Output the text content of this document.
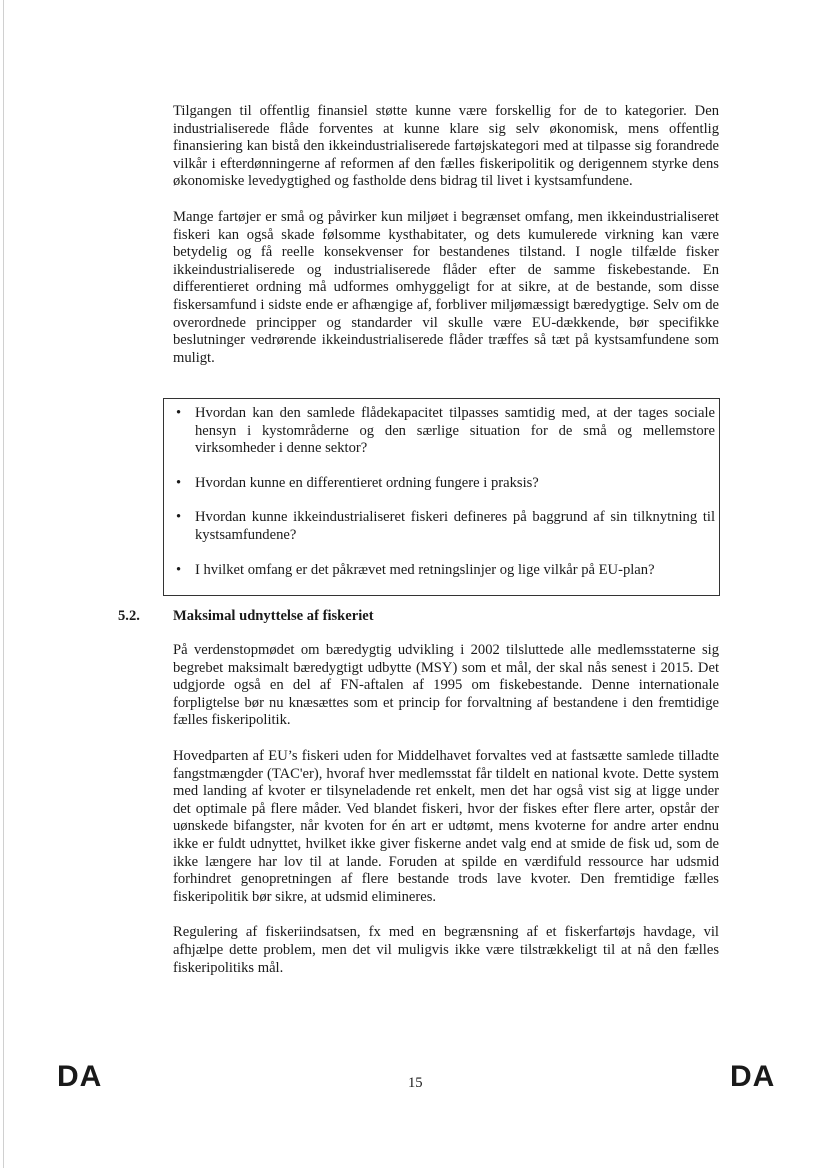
Tilgangen til offentlig finansiel støtte kunne være forskellig for de to kategorier. Den industrialiserede flåde forventes at kunne klare sig selv økonomisk, mens offentlig finansiering kan bistå den ikkeindustrialiserede fartøjskategori med at tilpasse sig forandrede vilkår i efterdønningerne af reformen af den fælles fiskeripolitik og derigennem styrke dens økonomiske levedygtighed og fastholde dens bidrag til livet i kystsamfundene.

Mange fartøjer er små og påvirker kun miljøet i begrænset omfang, men ikkeindustrialiseret fiskeri kan også skade følsomme kysthabitater, og dets kumulerede virkning kan være betydelig og få reelle konsekvenser for bestandenes tilstand. I nogle tilfælde fisker ikkeindustrialiserede og industrialiserede flåder efter de samme fiskebestande. En differentieret ordning må udformes omhyggeligt for at sikre, at de bestande, som disse fiskersamfund i sidste ende er afhængige af, forbliver miljømæssigt bæredygtige. Selv om de overordnede principper og standarder vil skulle være EU-dækkende, bør specifikke beslutninger vedrørende ikkeindustrialiserede flåder træffes så tæt på kystsamfundene som muligt.

• Hvordan kan den samlede flådekapacitet tilpasses samtidig med, at der tages sociale hensyn i kystområderne og den særlige situation for de små og mellemstore virksomheder i denne sektor?
• Hvordan kunne en differentieret ordning fungere i praksis?
• Hvordan kunne ikkeindustrialiseret fiskeri defineres på baggrund af sin tilknytning til kystsamfundene?
• I hvilket omfang er det påkrævet med retningslinjer og lige vilkår på EU-plan?
5.2. Maksimal udnyttelse af fiskeriet

På verdenstopmødet om bæredygtig udvikling i 2002 tilsluttede alle medlemsstaterne sig begrebet maksimalt bæredygtigt udbytte (MSY) som et mål, der skal nås senest i 2015. Det udgjorde også en del af FN-aftalen af 1995 om fiskebestande. Denne internationale forpligtelse bør nu knæsættes som et princip for forvaltning af bestandene i den fremtidige fælles fiskeripolitik.

Hovedparten af EU’s fiskeri uden for Middelhavet forvaltes ved at fastsætte samlede tilladte fangstmængder (TAC'er), hvoraf hver medlemsstat får tildelt en national kvote. Dette system med landing af kvoter er tilsyneladende ret enkelt, men det har også vist sig at ligge under det optimale på flere måder. Ved blandet fiskeri, hvor der fiskes efter flere arter, opstår der uønskede bifangster, når kvoten for én art er udtømt, mens kvoterne for andre arter endnu ikke er fuldt udnyttet, hvilket ikke giver fiskerne andet valg end at smide de fisk ud, som de ikke længere har lov til at lande. Foruden at spilde en værdifuld ressource har udsmid forhindret genopretningen af flere bestande trods lave kvoter. Den fremtidige fælles fiskeripolitik bør sikre, at udsmid elimineres.

Regulering af fiskeriindsatsen, fx med en begrænsning af et fiskerfartøjs havdage, vil afhjælpe dette problem, men det vil muligvis ikke være tilstrækkeligt til at nå den fælles fiskeripolitiks mål.

DA	15	DA
